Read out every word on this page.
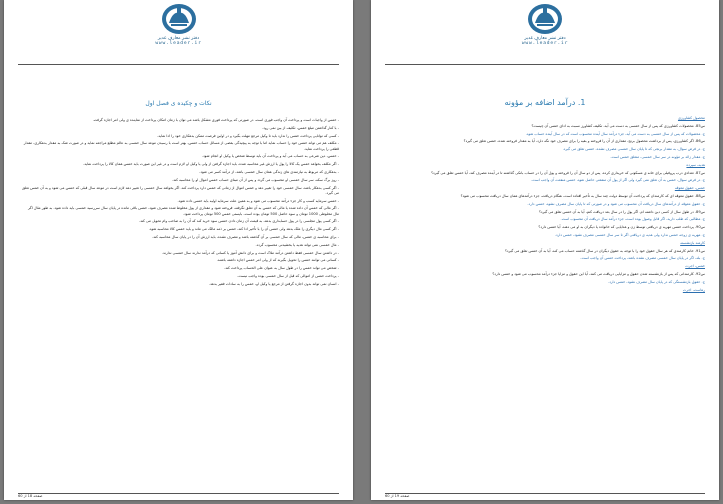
دفتر نشر معارف غدیر
www.leader.ir
نکات و چکیده ی فصل اول
- خمس از واجبات است و پرداخت آن واجب فوری است، در صورتی که پرداخت فوری مشکل باشد می توان با زمان امکان پرداخت از نماینده ی ولی امر اجازه گرفت.
- با کنار گذاشتن مبلغ خمس، تکلیف از بین نمی رود.
- کسی که توانایی پرداخت خمس را ندارد باید تا وکیل مرجع مهلت بگیرد و در اولین فرصت ممکن بدهکاری خود را ادا نماید.
- مکلف هم می تواند خمس خود را حساب نماید اما با توجه به پیچیدگی بعضی از مسائل حساب خمس، بهتر است با رسیدن موعد سال خمسی به عالم مطلع مراجعه نماید و در صورت شک به مقدار بدهکاری، مقدار قطعی را پرداخت نماید.
- خمس، دین شرعی به حساب می آید و پرداخت آن باید توسط شخص یا وکیل او انجام شود.
- اگر مکلف بخواهد خمس یک کالا را پول یا ارزش غیر محاسبه شده، باید اجازه گرفتن از ولی یا وکیل او لازم است و در غیر این صورت باید خمس همان کالا را پرداخت نماید.
- بدهکاری که مربوط به نیازمندی های زندگی همان سال خمسی باشد، از درآمد کسر می شود.
- روز برگ سکه، سر سال خمسی او محسوب می گردد و پس از آن مبنای حساب خمس اموال او را محاسبه کند.
- اگر کسی بدهکار باشد، سال خمسی خود را تغییر دهد و خمس اموال از زمانی که خمس دارد پرداخت کند. اگر بخواهد سال خمسی را تغییر دهد لازم است در موعد سال قبلی که خمس می شود و به آن خمس تعلق می گیرد.
- خمس سرمایه کسب و کار جزء درآمد محسوب می شود و به همین علت سرمایه اولیه باید خمس داده شود.
- اگر مالی که خمس آن داده شده یا مالی که خمس به آن تعلق نگرفته، فروخته شود و مقداری از پول مخلوط شده مصرف شود، خمس باقی مانده در پایان سال سررسید خمسی باید داده شود. به طور مثال اگر مال مخلوطی 1000 تومان و سود حاصل 500 تومان بوده است، بایستی خمس 500 تومان پرداخت شود.
- اگر کسی پول مجلسی را در پول حسابداری بدهد، به قیمت آن زمان دادن خمس سود خرید کند که آن را به صاحب وام تحویل می کند.
- اگر کسی مال دیگری را ملک بدهد ولی خمس آن را با تأخیر ادا کند، خمس بر ذمه مالک می ماند و باید خمس کالا محاسبه شود.
- برای محاسبه ی خمس، مالی که سال خمسی بر آن گذشته باشد و مصرف نشده، باید ارزش آن را در پایان سال محاسبه کند.
- مال خمسی نمی تواند هدیه یا بخشیدنی محسوب گردد.
- در داشتن سال خمسی فقط داشتن درآمد ملاک است و برای دانش آموز یا کسانی که درآمد ندارند سال خمسی ندارند.
- کسانی می توانند خمس را تحویل بگیرند که از ولی امر خمس اجازه داشته باشند.
- شخص می تواند خمس را در طول سال به عنوان علی الحساب پرداخت کند.
- پرداخت خمس از اموالی که قبل از سال خمسی بوده واجب نیست.
- انسان نمی تواند بدون اجازه گرفتن از مرجع یا وکیل او، خمس را به سادات فقیر بدهد.
صفحه 18 از 60
دفتر نشر معارف غدیر
www.leader.ir
1. درآمد اضافه بر مؤونه
محصول کشاورزی
س85. محصولات کشاورزی که پس از سال خمسی به دست می آید، تکلیف کشاورز نسبت به ادای خمس آن چیست؟
ج. محصولات که پس از سال خمسی به دست می آید، جزء درآمد سال آینده محسوب است که در سال آینده حساب شود.
س86. اگر کشاورزی، پس از برداشت محصول برنج، مقداری از آن را فروخته و بقیه را برای مصرف خود نگه دارد، آیا به مقدار فروخته شده، خمس تعلق می گیرد؟
ج. در فرض سوال، به مقدار برنجی که تا پایان سال خمسی مصرف نشده، خمس تعلق می گیرد.
ج. مقدار زائد بر مؤونه در سر سال خمسی، متعلق خمس است.
هدیه، سپرده
س87. تعدادی درب پروفیلی برای خانه ی مسکونی که خریداری کرده، پس از دو سال آن را فروخته و پول آن را در حساب بانکی گذاشته تا در آینده مصرف کند، آیا خمس تعلق می گیرد؟
ج. در فرض سوال، خمس به آن تعلق نمی گیرد ولی اگر از پول آن منفعتی حاصل شود، خمس منفعت آن واجب است.
خمس، حقوق معوقه
س88. حقوق معوقه ای که کارمندان که پرداخت آن توسط دولت چند سال به تأخیر افتاده است، هنگام دریافت، جزء درآمدهای همان سال دریافت محسوب می شود؟
ج. حقوق معوقه از درآمدهای سال دریافت آن محسوب می شود و در صورتی که تا پایان سال مصرف نشود، خمس دارد.
س89. در طول سال از کسی دین داشته ام، اگر پول را در سال بعد دریافت کنم، آیا به آن خمس تعلق می گیرد؟
ج. مطالبی که طلب دارید، اگر قابل وصول بوده است، جزء درآمد سال دریافت آن محسوب است.
س90. پرداخت خمس مهریه ی دریافتی توسط زن و هدایایی که خانواده یا دیگران به او می دهند، آیا خمس دارد؟
ج. مهریه ی زوجه خمس ندارد ولی هدیه ی دریافتی اگر تا سر سال خمسی مصرف نشود، خمس دارد.
کارمند بازنشسته
س91. خانم کارمندی که هر سال حقوق خود را با توجه به حقوق دیگران در سال گذشته حساب می کند، آیا به آن خمس تعلق می گیرد؟
ج. بله، اگر در پایان سال خمسی مصرف نشده باشد، پرداخت خمس آن واجب است.
خمس، اجرت
س92. کارمندانی که پس از بازنشسته شدن حقوق و مزایایی دریافت می کنند، آیا این حقوق و مزایا جزء درآمد محسوب می شود و خمس دارد؟
ج. حقوق بازنشستگی که در پایان سال مصرف نشود، خمس دارد.
رهاست، اجرت
صفحه 19 از 60
